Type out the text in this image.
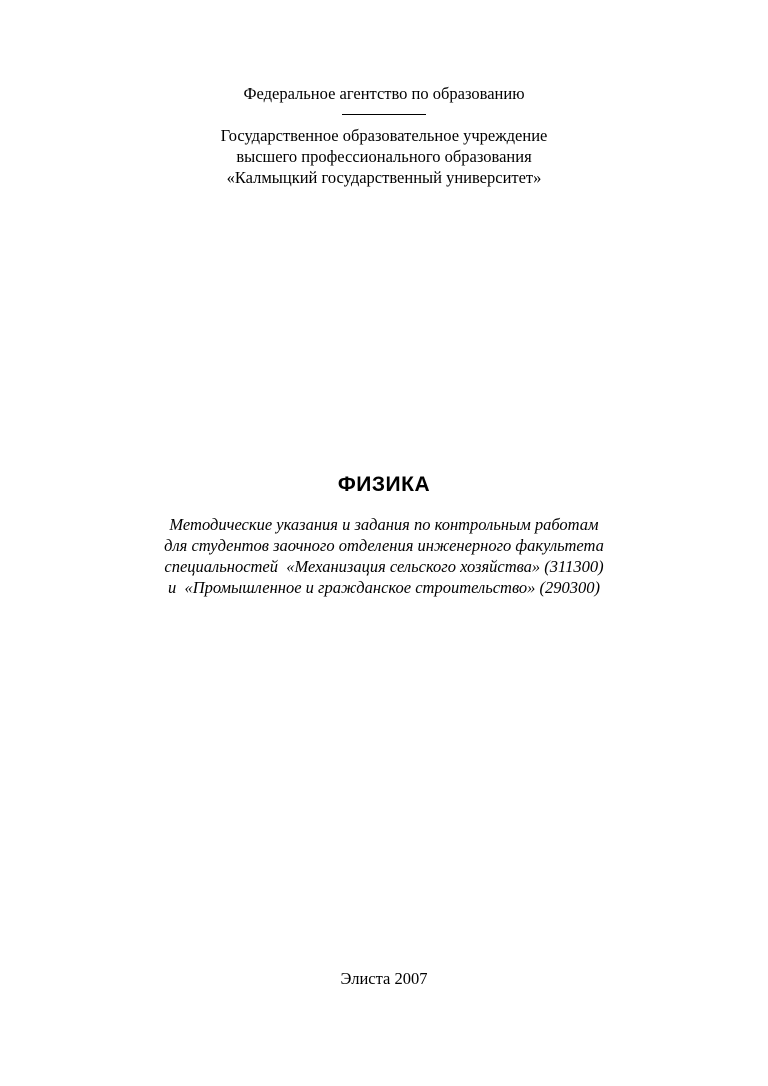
Федеральное агентство по образованию

Государственное образовательное учреждение

высшего профессионального образования

«Калмыцкий государственный университет»

ФИЗИКА

Методические указания и задания по контрольным работам

для студентов заочного отделения инженерного факультета

специальностей  «Механизация сельского хозяйства» (311300)

и  «Промышленное и гражданское строительство» (290300)

Элиста 2007
